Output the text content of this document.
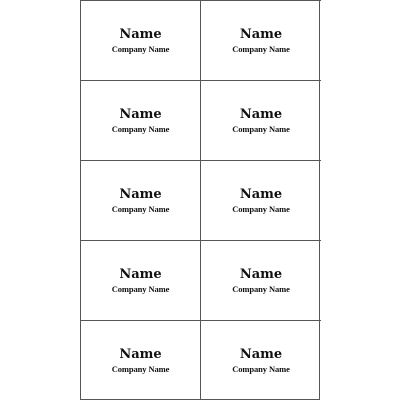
Name
Company Name
Name
Company Name
Name
Company Name
Name
Company Name
Name
Company Name
Name
Company Name
Name
Company Name
Name
Company Name
Name
Company Name
Name
Company Name
